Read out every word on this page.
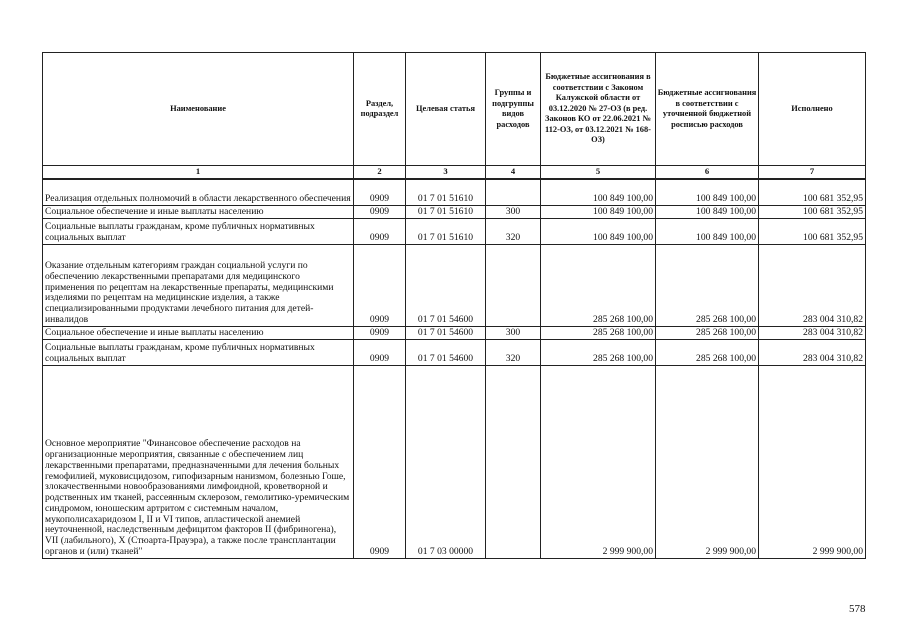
Наименование	Раздел, подраздел	Целевая статья	Группы и подгруппы видов расходов	Бюджетные ассигнования в соответствии с Законом Калужской области от 03.12.2020 № 27-ОЗ (в ред. Законов КО от 22.06.2021 № 112-ОЗ, от 03.12.2021 № 168-ОЗ)	Бюджетные ассигнования в соответствии с уточненной бюджетной росписью расходов	Исполнено
1	2	3	4	5	6	7
Реализация отдельных полномочий в области лекарственного обеспечения	0909	01 7 01 51610		100 849 100,00	100 849 100,00	100 681 352,95
Социальное обеспечение и иные выплаты населению	0909	01 7 01 51610	300	100 849 100,00	100 849 100,00	100 681 352,95
Социальные выплаты гражданам, кроме публичных нормативных социальных выплат	0909	01 7 01 51610	320	100 849 100,00	100 849 100,00	100 681 352,95
Оказание отдельным категориям граждан социальной услуги по обеспечению лекарственными препаратами для медицинского применения по рецептам на лекарственные препараты, медицинскими изделиями по рецептам на медицинские изделия, а также специализированными продуктами лечебного питания для детей-инвалидов	0909	01 7 01 54600		285 268 100,00	285 268 100,00	283 004 310,82
Социальное обеспечение и иные выплаты населению	0909	01 7 01 54600	300	285 268 100,00	285 268 100,00	283 004 310,82
Социальные выплаты гражданам, кроме публичных нормативных социальных выплат	0909	01 7 01 54600	320	285 268 100,00	285 268 100,00	283 004 310,82
Основное мероприятие "Финансовое обеспечение расходов на организационные мероприятия, связанные с обеспечением лиц лекарственными препаратами, предназначенными для лечения больных гемофилией, муковисцидозом, гипофизарным нанизмом, болезнью Гоше, злокачественными новообразованиями лимфоидной, кроветворной и родственных им тканей, рассеянным склерозом, гемолитико-уремическим синдромом, юношеским артритом с системным началом, мукополисахаридозом I, II и VI типов, апластической анемией неуточненной, наследственным дефицитом факторов II (фибриногена), VII (лабильного), X (Стюарта-Прауэра), а также после трансплантации органов и (или) тканей"	0909	01 7 03 00000		2 999 900,00	2 999 900,00	2 999 900,00
578
